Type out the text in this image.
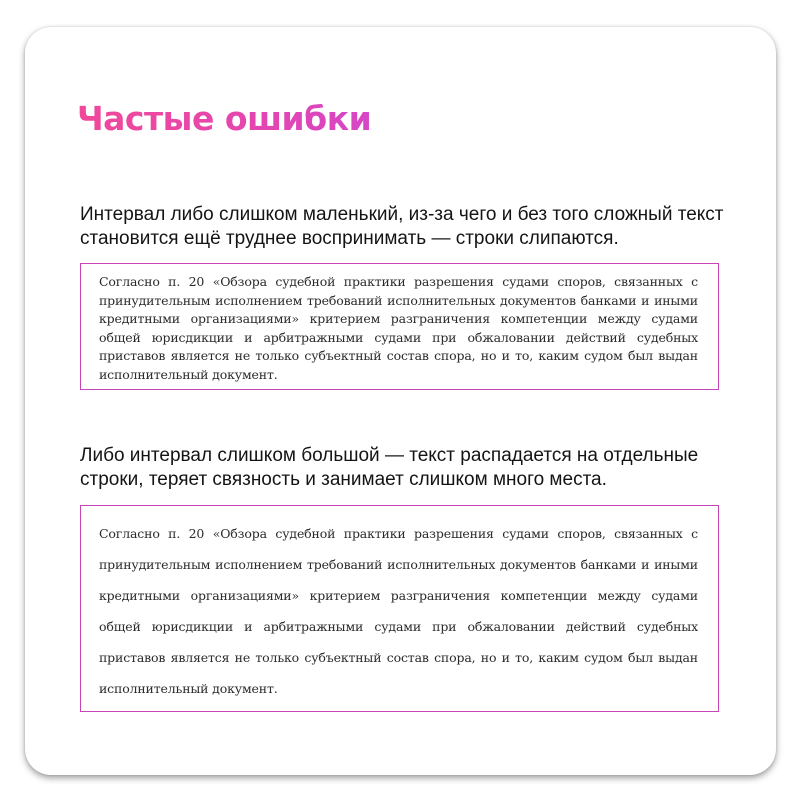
Частые ошибки

Интервал либо слишком маленький, из-за чего и без того сложный текст становится ещё труднее воспринимать — строки слипаются.

Согласно п. 20 «Обзора судебной практики разрешения судами споров, связанных с принудительным исполнением требований исполнительных документов банками и иными кредитными организациями» критерием разграничения компетенции между судами общей юрисдикции и арбитражными судами при обжаловании действий судебных приставов является не только субъектный состав спора, но и то, каким судом был выдан исполнительный документ.

Либо интервал слишком большой — текст распадается на отдельные строки, теряет связность и занимает слишком много места.

Согласно п. 20 «Обзора судебной практики разрешения судами споров, связанных с принудительным исполнением требований исполнительных документов банками и иными кредитными организациями» критерием разграничения компетенции между судами общей юрисдикции и арбитражными судами при обжаловании действий судебных приставов является не только субъектный состав спора, но и то, каким судом был выдан исполнительный документ.
